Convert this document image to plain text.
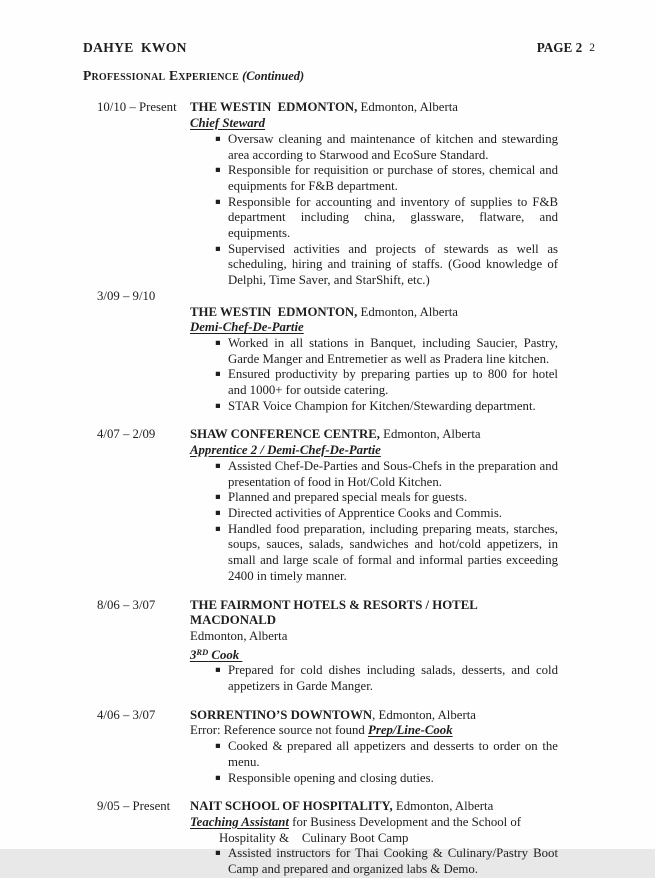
DAHYE  KWON	PAGE 2 2
Professional Experience (Continued)
10/10 – Present	THE WESTIN  EDMONTON, Edmonton, Alberta
Chief Steward
▪ Oversaw cleaning and maintenance of kitchen and stewarding area according to Starwood and EcoSure Standard.
▪ Responsible for requisition or purchase of stores, chemical and equipments for F&B department.
▪ Responsible for accounting and inventory of supplies to F&B department including china, glassware, flatware, and equipments.
▪ Supervised activities and projects of stewards as well as scheduling, hiring and training of staffs. (Good knowledge of Delphi, Time Saver, and StarShift, etc.)
3/09 – 9/10
THE WESTIN  EDMONTON, Edmonton, Alberta
Demi-Chef-De-Partie
▪ Worked in all stations in Banquet, including Saucier, Pastry, Garde Manger and Entremetier as well as Pradera line kitchen.
▪ Ensured productivity by preparing parties up to 800 for hotel and 1000+ for outside catering.
▪ STAR Voice Champion for Kitchen/Stewarding department.
4/07 – 2/09	SHAW CONFERENCE CENTRE, Edmonton, Alberta
Apprentice 2 / Demi-Chef-De-Partie
▪ Assisted Chef-De-Parties and Sous-Chefs in the preparation and presentation of food in Hot/Cold Kitchen.
▪ Planned and prepared special meals for guests.
▪ Directed activities of Apprentice Cooks and Commis.
▪ Handled food preparation, including preparing meats, starches, soups, sauces, salads, sandwiches and hot/cold appetizers, in small and large scale of formal and informal parties exceeding 2400 in timely manner.
8/06 – 3/07	THE FAIRMONT HOTELS & RESORTS / HOTEL MACDONALD
Edmonton, Alberta
3RD Cook
▪ Prepared for cold dishes including salads, desserts, and cold appetizers in Garde Manger.
4/06 – 3/07	SORRENTINO’S DOWNTOWN, Edmonton, Alberta
Error: Reference source not found Prep/Line-Cook
▪ Cooked & prepared all appetizers and desserts to order on the menu.
▪ Responsible opening and closing duties.
9/05 – Present	NAIT SCHOOL OF HOSPITALITY, Edmonton, Alberta
Teaching Assistant for Business Development and the School of
Hospitality &    Culinary Boot Camp
▪ Assisted instructors for Thai Cooking & Culinary/Pastry Boot Camp and prepared and organized labs & Demo.
